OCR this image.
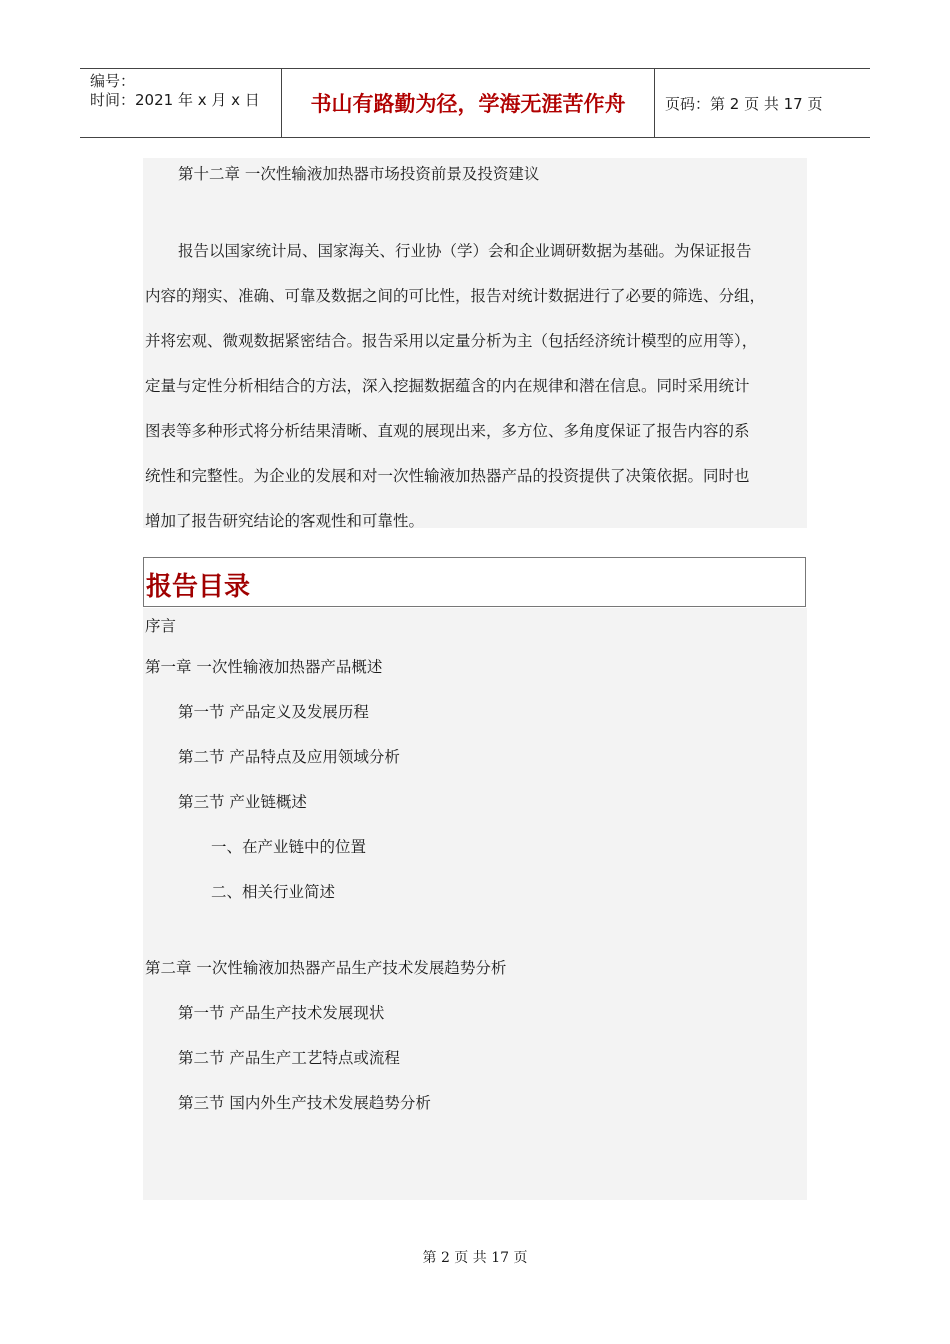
编号：
时间：2021 年 x 月 x 日	书山有路勤为径，学海无涯苦作舟	页码：第 2 页 共 17 页
第十二章 一次性输液加热器市场投资前景及投资建议
报告以国家统计局、国家海关、行业协（学）会和企业调研数据为基础。为保证报告
内容的翔实、准确、可靠及数据之间的可比性，报告对统计数据进行了必要的筛选、分组，
并将宏观、微观数据紧密结合。报告采用以定量分析为主（包括经济统计模型的应用等），
定量与定性分析相结合的方法，深入挖掘数据蕴含的内在规律和潜在信息。同时采用统计
图表等多种形式将分析结果清晰、直观的展现出来，多方位、多角度保证了报告内容的系
统性和完整性。为企业的发展和对一次性输液加热器产品的投资提供了决策依据。同时也
增加了报告研究结论的客观性和可靠性。
报告目录
序言
第一章 一次性输液加热器产品概述
第一节 产品定义及发展历程
第二节 产品特点及应用领域分析
第三节 产业链概述
一、在产业链中的位置
二、相关行业简述
第二章 一次性输液加热器产品生产技术发展趋势分析
第一节 产品生产技术发展现状
第二节 产品生产工艺特点或流程
第三节 国内外生产技术发展趋势分析
第 2 页 共 17 页
